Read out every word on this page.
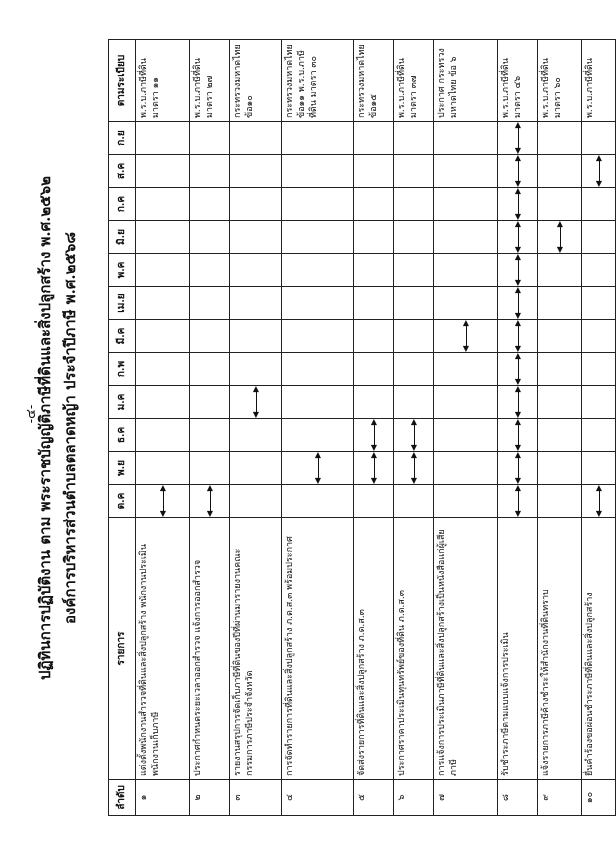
-๔-
ปฏิทินการปฏิบัติงาน ตาม พระราชบัญญัติภาษีที่ดินและสิ่งปลูกสร้าง พ.ศ.๒๕๖๒ องค์การบริหารส่วนตำบลตลาดหญ้า ประจำปีภาษี พ.ศ.๒๕๖๘
ลำดับ	รายการ	ต.ค	พ.ย	ธ.ค	ม.ค	ก.พ	มี.ค	เม.ย	พ.ค	มิ.ย	ก.ค	ส.ค	ก.ย	ตามระเบียบ
๑	แต่งตั้งพนักงานสำรวจที่ดินและสิ่งปลูกสร้าง พนักงานประเมิน พนักงานเก็บภาษี	◀ ▶												พ.ร.บ.ภาษีที่ดิน มาตรา ๑๑
๒	ประกาศกำหนดระยะเวลาออกสำรวจ แจ้งการออกสำรวจ	◀ ▶												พ.ร.บ.ภาษีที่ดิน มาตรา ๒๗
๓	รายงานสรุปการจัดเก็บภาษีที่ดินของปีที่ผ่านมารายงานคณะกรรมการภาษีประจำจังหวัด				◀ ▶									กระทรวงมหาดไทย ข้อ๑๐
๔	การจัดทำรายการที่ดินและสิ่งปลูกสร้าง ภ.ด.ส.๓ พร้อมประกาศ		◀ ▶											กระทรวงมหาดไทย ข้อ๑๑ พ.ร.บ.ภาษีที่ดิน มาตรา ๓๐
๕	จัดส่งรายการที่ดินและสิ่งปลูกสร้าง ภ.ด.ส.๓		◀ ▶	◀ ▶										กระทรวงมหาดไทย ข้อ๑๕
๖	ประกาศราคาประเมินทุนทรัพย์ของที่ดิน ภ.ด.ส.๓		◀ ▶	◀ ▶										พ.ร.บ.ภาษีที่ดิน มาตรา ๓๗
๗	การแจ้งการประเมินภาษีที่ดินและสิ่งปลูกสร้างเป็นหนังสือแก่ผู้เสียภาษี						◀ ▶							ประกาศ กระทรวงมหาดไทย ข้อ ๖
๘	รับชำระภาษีตามแบบแจ้งการประเมิน	◀ ▶	◀ ▶	◀ ▶	◀ ▶	◀ ▶	◀ ▶	◀ ▶	◀ ▶	◀ ▶	◀ ▶	◀ ▶	◀ ▶	พ.ร.บ.ภาษีที่ดิน มาตรา ๔๖
๙	แจ้งรายการภาษีค้างชำระให้สำนักงานที่ดินทราบ									◀ ▶				พ.ร.บ.ภาษีที่ดิน มาตรา ๖๐
๑๐	ยื่นคำร้องขอผ่อนชำระภาษีที่ดินและสิ่งปลูกสร้าง	◀ ▶										◀ ▶		พ.ร.บ.ภาษีที่ดิน
